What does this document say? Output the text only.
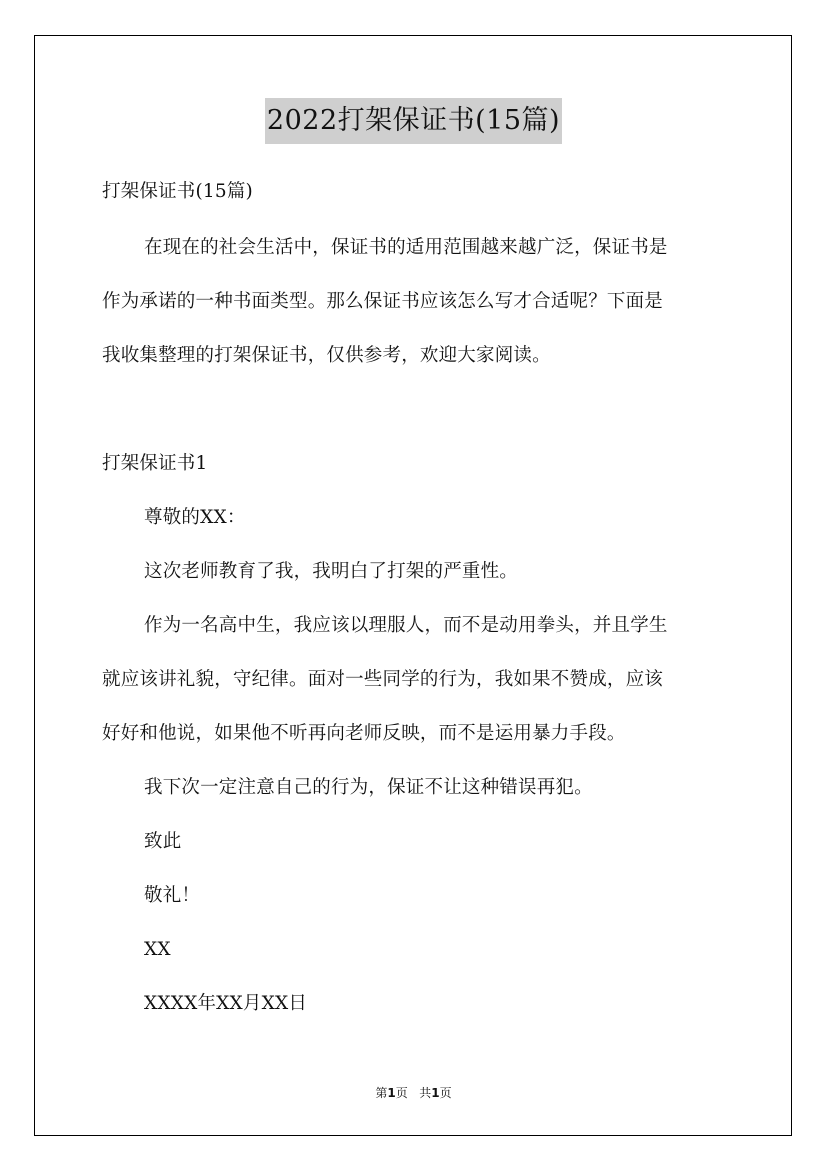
2022打架保证书(15篇)
打架保证书(15篇)
在现在的社会生活中，保证书的适用范围越来越广泛，保证书是
作为承诺的一种书面类型。那么保证书应该怎么写才合适呢？下面是
我收集整理的打架保证书，仅供参考，欢迎大家阅读。
打架保证书1
尊敬的XX：
这次老师教育了我，我明白了打架的严重性。
作为一名高中生，我应该以理服人，而不是动用拳头，并且学生
就应该讲礼貌，守纪律。面对一些同学的行为，我如果不赞成，应该
好好和他说，如果他不听再向老师反映，而不是运用暴力手段。
我下次一定注意自己的行为，保证不让这种错误再犯。
致此
敬礼！
XX
XXXX年XX月XX日
第1页 共1页
